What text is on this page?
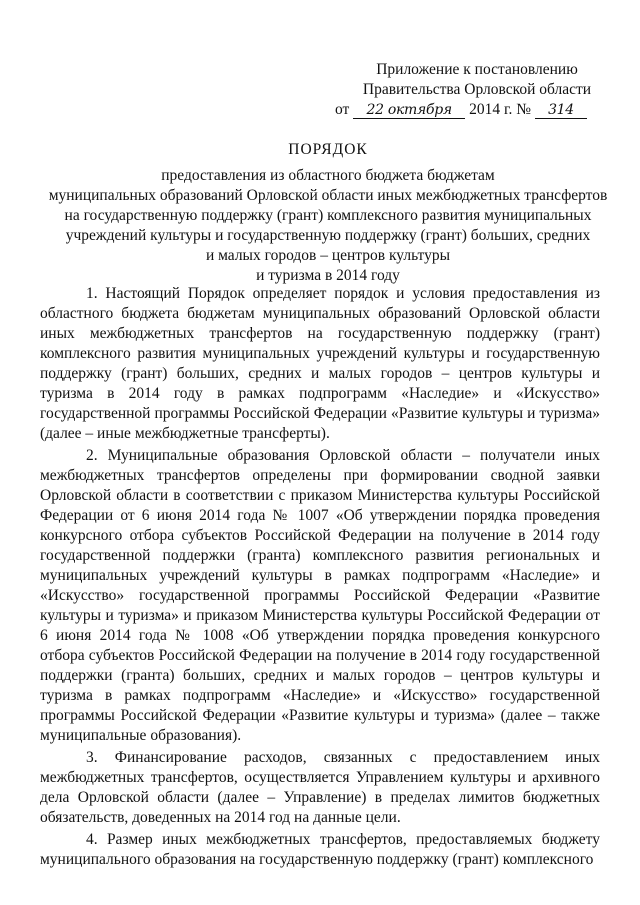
Приложение к постановлению
Правительства Орловской области
от 22 октября 2014 г. № 314
ПОРЯДОК
предоставления из областного бюджета бюджетам
муниципальных образований Орловской области иных межбюджетных трансфертов
на государственную поддержку (грант) комплексного развития муниципальных
учреждений культуры и государственную поддержку (грант) больших, средних
и малых городов – центров культуры
и туризма в 2014 году

1. Настоящий Порядок определяет порядок и условия предоставления из областного бюджета бюджетам муниципальных образований Орловской области иных межбюджетных трансфертов на государственную поддержку (грант) комплексного развития муниципальных учреждений культуры и государственную поддержку (грант) больших, средних и малых городов – центров культуры и туризма в 2014 году в рамках подпрограмм «Наследие» и «Искусство» государственной программы Российской Федерации «Развитие культуры и туризма» (далее – иные межбюджетные трансферты).

2. Муниципальные образования Орловской области – получатели иных межбюджетных трансфертов определены при формировании сводной заявки Орловской области в соответствии с приказом Министерства культуры Российской Федерации от 6 июня 2014 года № 1007 «Об утверждении порядка проведения конкурсного отбора субъектов Российской Федерации на получение в 2014 году государственной поддержки (гранта) комплексного развития региональных и муниципальных учреждений культуры в рамках подпрограмм «Наследие» и «Искусство» государственной программы Российской Федерации «Развитие культуры и туризма» и приказом Министерства культуры Российской Федерации от 6 июня 2014 года № 1008 «Об утверждении порядка проведения конкурсного отбора субъектов Российской Федерации на получение в 2014 году государственной поддержки (гранта) больших, средних и малых городов – центров культуры и туризма в рамках подпрограмм «Наследие» и «Искусство» государственной программы Российской Федерации «Развитие культуры и туризма» (далее – также муниципальные образования).

3. Финансирование расходов, связанных с предоставлением иных межбюджетных трансфертов, осуществляется Управлением культуры и архивного дела Орловской области (далее – Управление) в пределах лимитов бюджетных обязательств, доведенных на 2014 год на данные цели.

4. Размер иных межбюджетных трансфертов, предоставляемых бюджету муниципального образования на государственную поддержку (грант) комплексного
